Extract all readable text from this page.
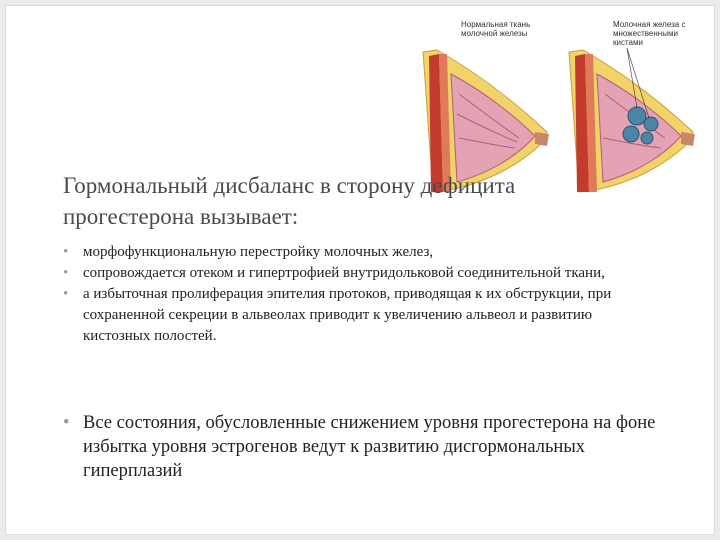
Нормальная ткань молочной железы
Молочная железа с множественными кистами
Гормональный дисбаланс в сторону дефицита прогестерона вызывает:
• морфофункциональную перестройку молочных желез,
• сопровождается отеком и гипертрофией внутридольковой соединительной ткани,
• а избыточная пролиферация эпителия протоков, приводящая к их обструкции, при сохраненной секреции в альвеолах приводит к увеличению альвеол и развитию кистозных полостей.
• Все состояния, обусловленные снижением уровня прогестерона на фоне избытка уровня эстрогенов ведут к развитию дисгормональных гиперплазий
